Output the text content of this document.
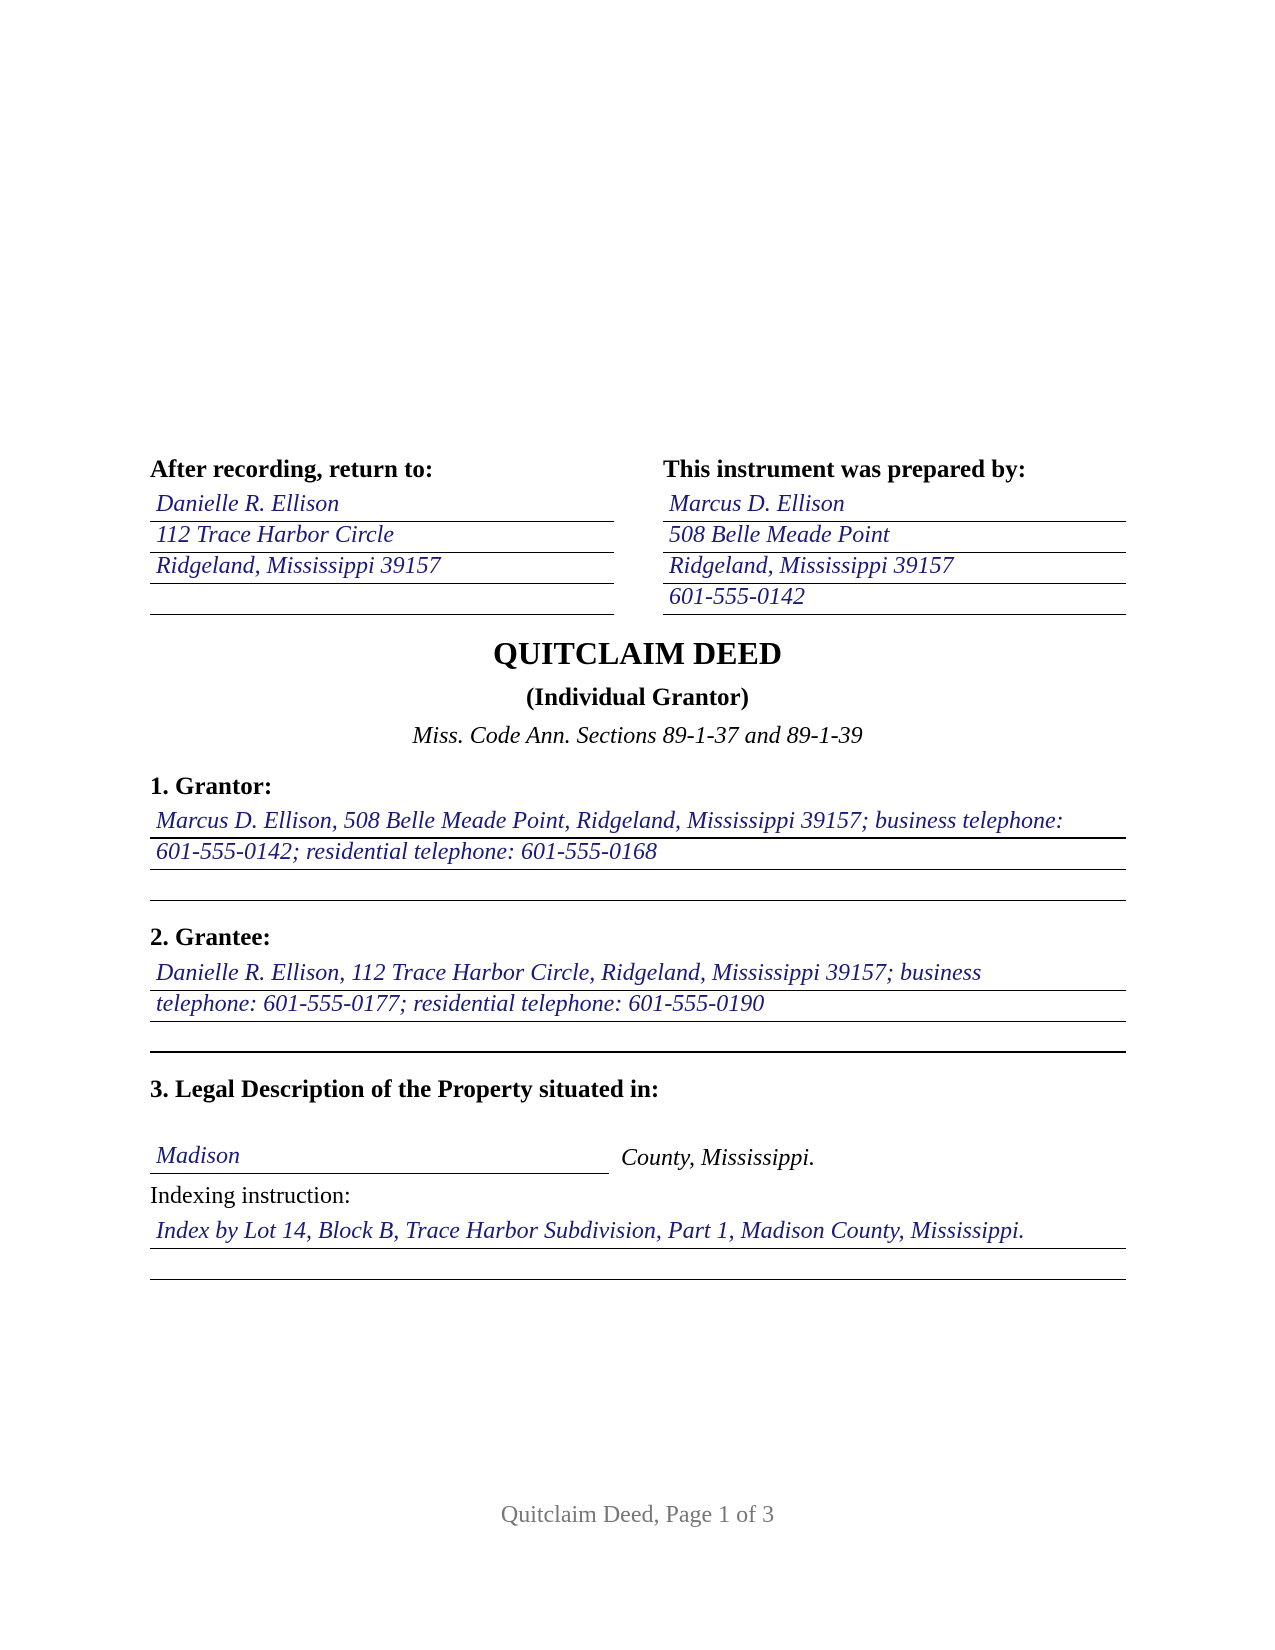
After recording, return to:
Danielle R. Ellison
112 Trace Harbor Circle
Ridgeland, Mississippi 39157
This instrument was prepared by:
Marcus D. Ellison
508 Belle Meade Point
Ridgeland, Mississippi 39157
601-555-0142
QUITCLAIM DEED
(Individual Grantor)
Miss. Code Ann. Sections 89-1-37 and 89-1-39
1. Grantor:
Marcus D. Ellison, 508 Belle Meade Point, Ridgeland, Mississippi 39157; business telephone:
601-555-0142; residential telephone: 601-555-0168
2. Grantee:
Danielle R. Ellison, 112 Trace Harbor Circle, Ridgeland, Mississippi 39157; business
telephone: 601-555-0177; residential telephone: 601-555-0190
3. Legal Description of the Property situated in:
Madison	County, Mississippi.
Indexing instruction:
Index by Lot 14, Block B, Trace Harbor Subdivision, Part 1, Madison County, Mississippi.
Quitclaim Deed, Page 1 of 3
